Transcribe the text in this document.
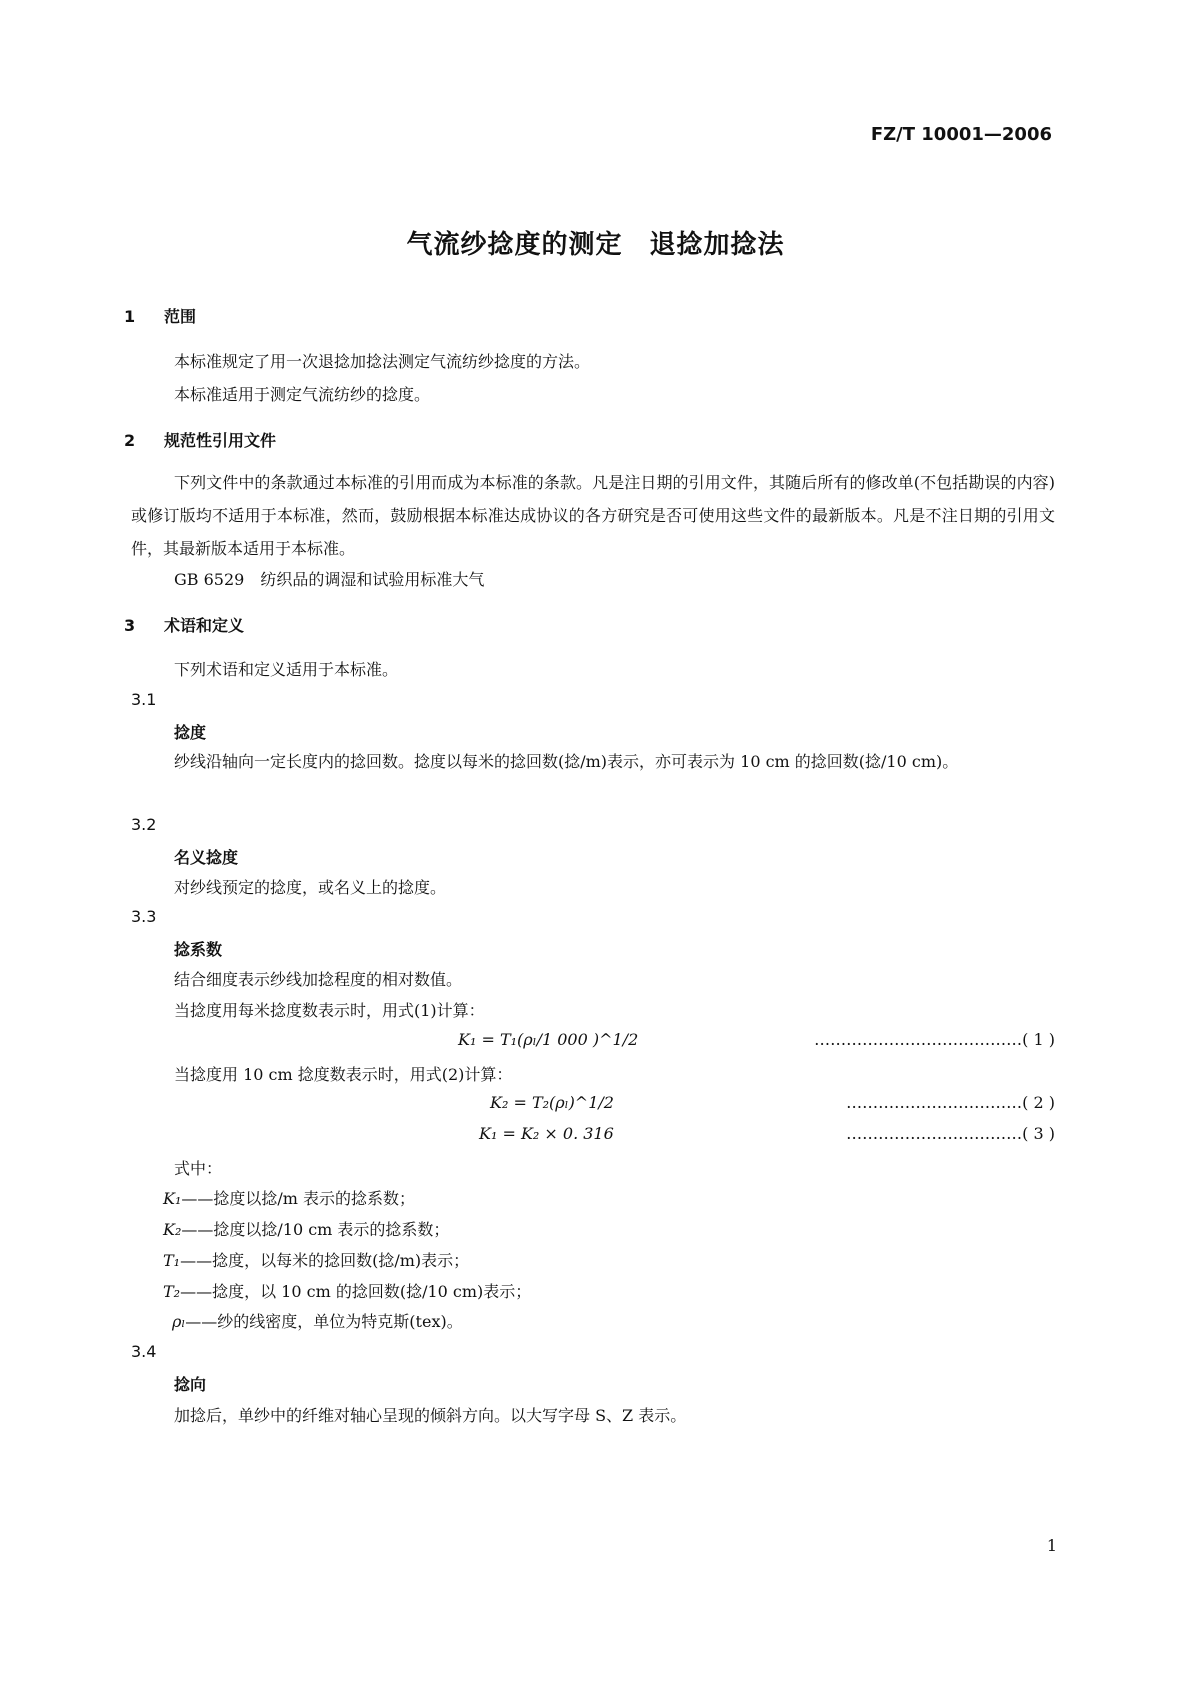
FZ/T 10001—2006
气流纱捻度的测定　退捻加捻法
1 范围
本标准规定了用一次退捻加捻法测定气流纺纱捻度的方法。
本标准适用于测定气流纺纱的捻度。
2 规范性引用文件
下列文件中的条款通过本标准的引用而成为本标准的条款。凡是注日期的引用文件，其随后所有的修改单(不包括勘误的内容)或修订版均不适用于本标准，然而，鼓励根据本标准达成协议的各方研究是否可使用这些文件的最新版本。凡是不注日期的引用文件，其最新版本适用于本标准。
GB 6529　纺织品的调湿和试验用标准大气
3 术语和定义
下列术语和定义适用于本标准。
3.1
捻度
纱线沿轴向一定长度内的捻回数。捻度以每米的捻回数(捻/m)表示，亦可表示为 10 cm 的捻回数(捻/10 cm)。
3.2
名义捻度
对纱线预定的捻度，或名义上的捻度。
3.3
捻系数
结合细度表示纱线加捻程度的相对数值。
当捻度用每米捻度数表示时，用式(1)计算：
K₁ = T₁(ρₗ/1 000 )^1/2	…………………………………( 1 )
当捻度用 10 cm 捻度数表示时，用式(2)计算：
K₂ = T₂(ρₗ)^1/2	……………………………( 2 )
K₁ = K₂ × 0. 316	……………………………( 3 )
式中：
K₁——捻度以捻/m 表示的捻系数；
K₂——捻度以捻/10 cm 表示的捻系数；
T₁——捻度，以每米的捻回数(捻/m)表示；
T₂——捻度，以 10 cm 的捻回数(捻/10 cm)表示；
ρₗ——纱的线密度，单位为特克斯(tex)。
3.4
捻向
加捻后，单纱中的纤维对轴心呈现的倾斜方向。以大写字母 S、Z 表示。
1
